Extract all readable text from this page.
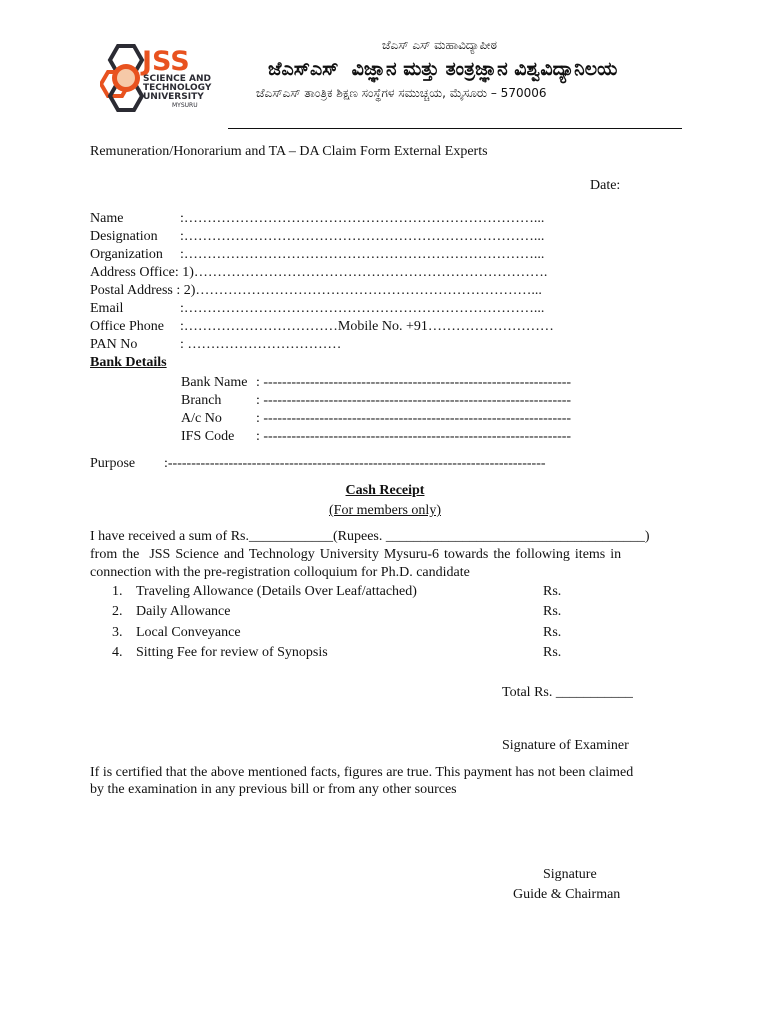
JSS
SCIENCE AND
TECHNOLOGY
UNIVERSITY
MYSURU
ಜೆಎಸ್ ಎಸ್ ಮಹಾವಿದ್ಯಾಪೀಠ
ಜೆಎಸ್ಎಸ್  ವಿಜ್ಞಾನ ಮತ್ತು ತಂತ್ರಜ್ಞಾನ ವಿಶ್ವವಿದ್ಯಾನಿಲಯ
ಜೆಎಸ್ಎಸ್ ತಾಂತ್ರಿಕ ಶಿಕ್ಷಣ ಸಂಸ್ಥೆಗಳ ಸಮುಚ್ಚಯ, ಮೈಸೂರು – 570006
Remuneration/Honorarium and TA – DA Claim Form External Experts
Date:
Name	:…………………………………………………………………...
Designation :…………………………………………………………………...
Organization :…………………………………………………………………...
Address Office: 1)………………………………………………………………….
Postal Address : 2)………………………………………………………………...
Email	:…………………………………………………………………...
Office Phone :……………………………Mobile No. +91………………………
PAN No	: ……………………………
Bank Details
Bank Name : ------------------------------------------------------------------
Branch : ------------------------------------------------------------------
A/c No : ------------------------------------------------------------------
IFS Code : ------------------------------------------------------------------
Purpose :---------------------------------------------------------------------------------
Cash Receipt
(For members only)
I have received a sum of Rs.____________(Rupees. _____________________________________)
from the  JSS Science and Technology University Mysuru-6 towards the following items in
connection with the pre-registration colloquium for Ph.D. candidate
1. Traveling Allowance (Details Over Leaf/attached)	Rs.
2. Daily Allowance	Rs.
3. Local Conveyance	Rs.
4. Sitting Fee for review of Synopsis	Rs.
Total Rs. ___________
Signature of Examiner
If is certified that the above mentioned facts, figures are true. This payment has not been claimed
by the examination in any previous bill or from any other sources
Signature
Guide & Chairman
